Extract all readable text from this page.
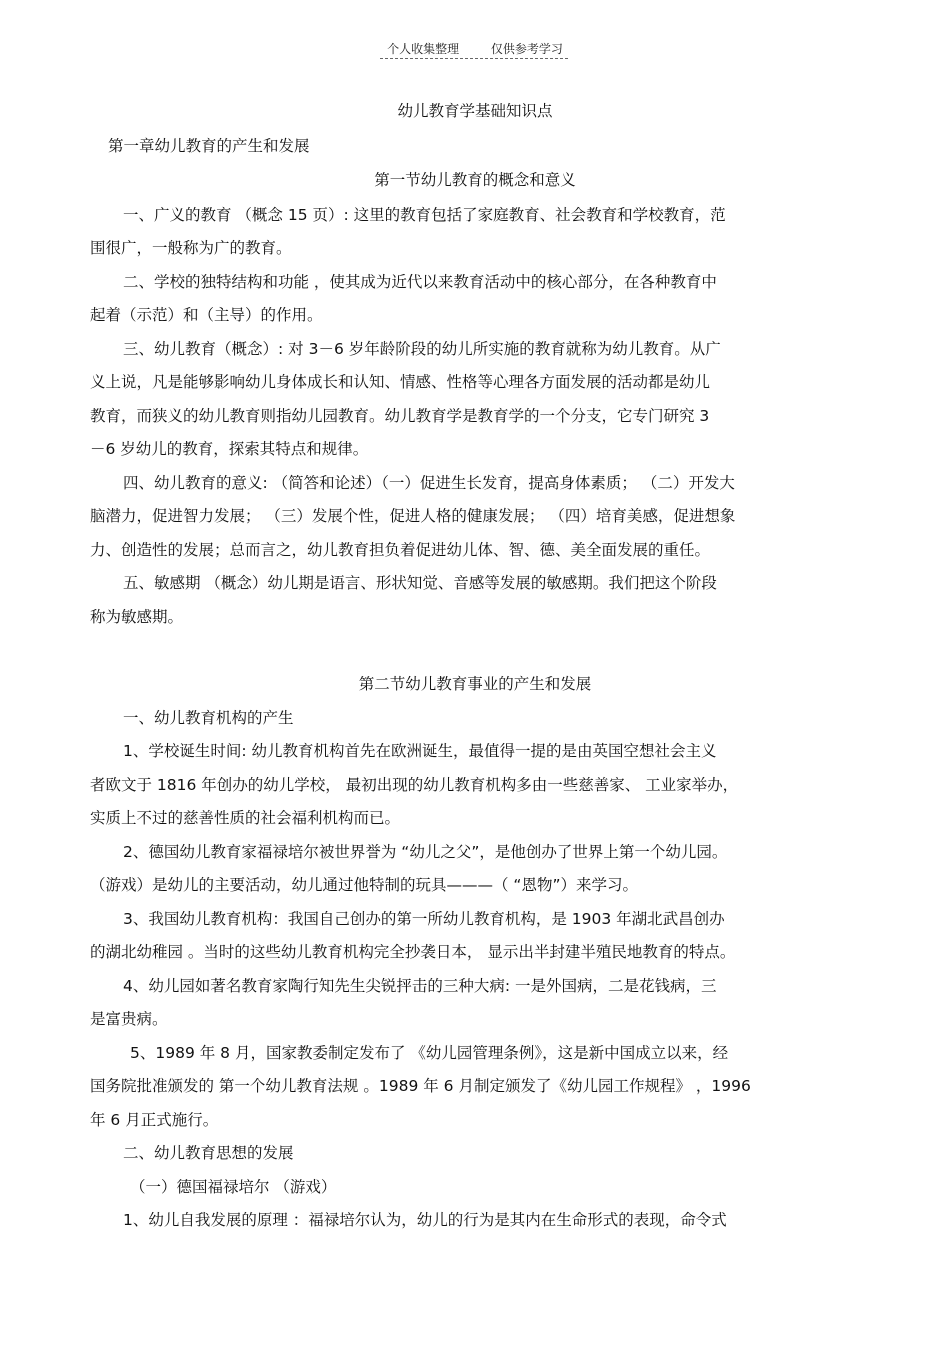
个人收集整理	仅供参考学习
幼儿教育学基础知识点
第一章幼儿教育的产生和发展
第一节幼儿教育的概念和意义
一、广义的教育 （概念 15 页）: 这里的教育包括了家庭教育、社会教育和学校教育，范
围很广，一般称为广的教育。
二、学校的独特结构和功能 ，使其成为近代以来教育活动中的核心部分，在各种教育中
起着（示范）和（主导）的作用。
三、幼儿教育（概念）: 对 3－6 岁年龄阶段的幼儿所实施的教育就称为幼儿教育。从广
义上说，凡是能够影响幼儿身体成长和认知、情感、性格等心理各方面发展的活动都是幼儿
教育，而狭义的幼儿教育则指幼儿园教育。幼儿教育学是教育学的一个分支，它专门研究 3
－6 岁幼儿的教育，探索其特点和规律。
四、幼儿教育的意义: （简答和论述）（一）促进生长发育，提高身体素质； （二）开发大
脑潜力，促进智力发展； （三）发展个性，促进人格的健康发展； （四）培育美感，促进想象
力、创造性的发展；总而言之，幼儿教育担负着促进幼儿体、智、德、美全面发展的重任。
五、敏感期 （概念）幼儿期是语言、形状知觉、音感等发展的敏感期。我们把这个阶段
称为敏感期。
第二节幼儿教育事业的产生和发展
一、幼儿教育机构的产生
1、学校诞生时间: 幼儿教育机构首先在欧洲诞生，最值得一提的是由英国空想社会主义
者欧文于 1816 年创办的幼儿学校， 最初出现的幼儿教育机构多由一些慈善家、 工业家举办，
实质上不过的慈善性质的社会福利机构而已。
2、德国幼儿教育家福禄培尔被世界誉为 “幼儿之父”，是他创办了世界上第一个幼儿园。
（游戏）是幼儿的主要活动，幼儿通过他特制的玩具———（ “恩物”）来学习。
3、我国幼儿教育机构：我国自己创办的第一所幼儿教育机构，是 1903 年湖北武昌创办
的湖北幼稚园 。当时的这些幼儿教育机构完全抄袭日本， 显示出半封建半殖民地教育的特点。
4、幼儿园如著名教育家陶行知先生尖锐抨击的三种大病: 一是外国病，二是花钱病，三
是富贵病。
5、1989 年 8 月，国家教委制定发布了 《幼儿园管理条例》，这是新中国成立以来，经
国务院批准颁发的 第一个幼儿教育法规 。1989 年 6 月制定颁发了《幼儿园工作规程》 ，1996
年 6 月正式施行。
二、幼儿教育思想的发展
（一）德国福禄培尔 （游戏）
1、幼儿自我发展的原理 ：福禄培尔认为，幼儿的行为是其内在生命形式的表现，命令式
